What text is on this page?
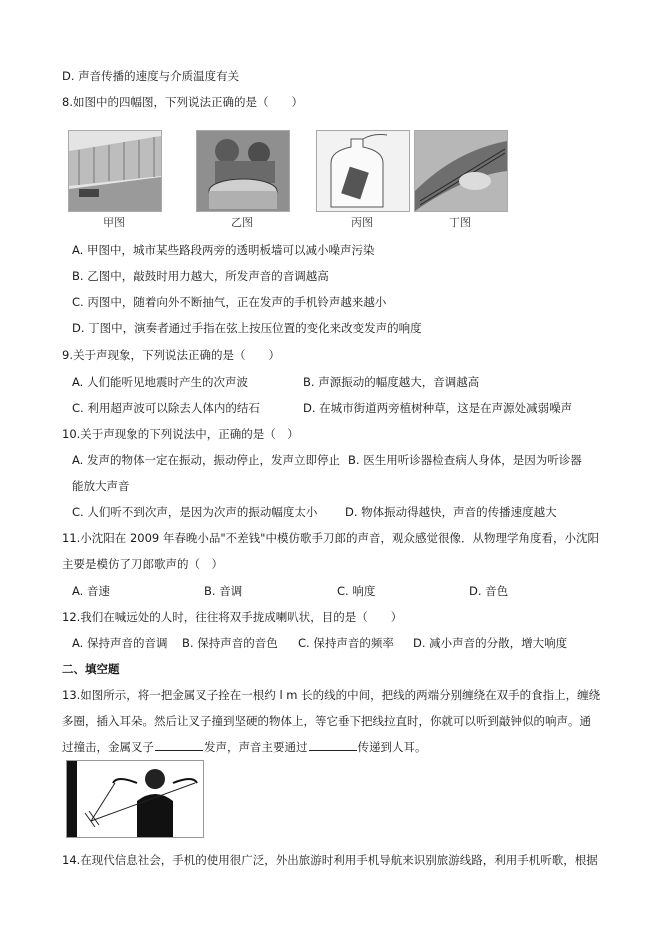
D. 声音传播的速度与介质温度有关
8.如图中的四幅图，下列说法正确的是（　　）
甲图	乙图	丙图	丁图
A. 甲图中，城市某些路段两旁的透明板墙可以减小噪声污染
B. 乙图中，敲鼓时用力越大，所发声音的音调越高
C. 丙图中，随着向外不断抽气，正在发声的手机铃声越来越小
D. 丁图中，演奏者通过手指在弦上按压位置的变化来改变发声的响度
9.关于声现象，下列说法正确的是（　　）
A. 人们能听见地震时产生的次声波	B. 声源振动的幅度越大，音调越高
C. 利用超声波可以除去人体内的结石	D. 在城市街道两旁植树种草，这是在声源处减弱噪声
10.关于声现象的下列说法中，正确的是（　）
A. 发声的物体一定在振动，振动停止，发声立即停止 B. 医生用听诊器检查病人身体，是因为听诊器
能放大声音
C. 人们听不到次声，是因为次声的振动幅度太小 D. 物体振动得越快，声音的传播速度越大
11.小沈阳在 2009 年春晚小品"不差钱"中模仿歌手刀郎的声音，观众感觉很像．从物理学角度看，小沈阳
主要是模仿了刀郎歌声的（　）
A. 音速	B. 音调	C. 响度	D. 音色
12.我们在喊远处的人时，往往将双手拢成喇叭状，目的是（　　）
A. 保持声音的音调 B. 保持声音的音色 C. 保持声音的频率 D. 减小声音的分散，增大响度
二、填空题
13.如图所示，将一把金属叉子拴在一根约 l m 长的线的中间，把线的两端分别缠绕在双手的食指上，缠绕
多圈，插入耳朵。然后让叉子撞到坚硬的物体上，等它垂下把线拉直时，你就可以听到敲钟似的响声。通
过撞击，金属叉子	发声，声音主要通过	传递到人耳。
14.在现代信息社会，手机的使用很广泛，外出旅游时利用手机导航来识别旅游线路，利用手机听歌，根据
